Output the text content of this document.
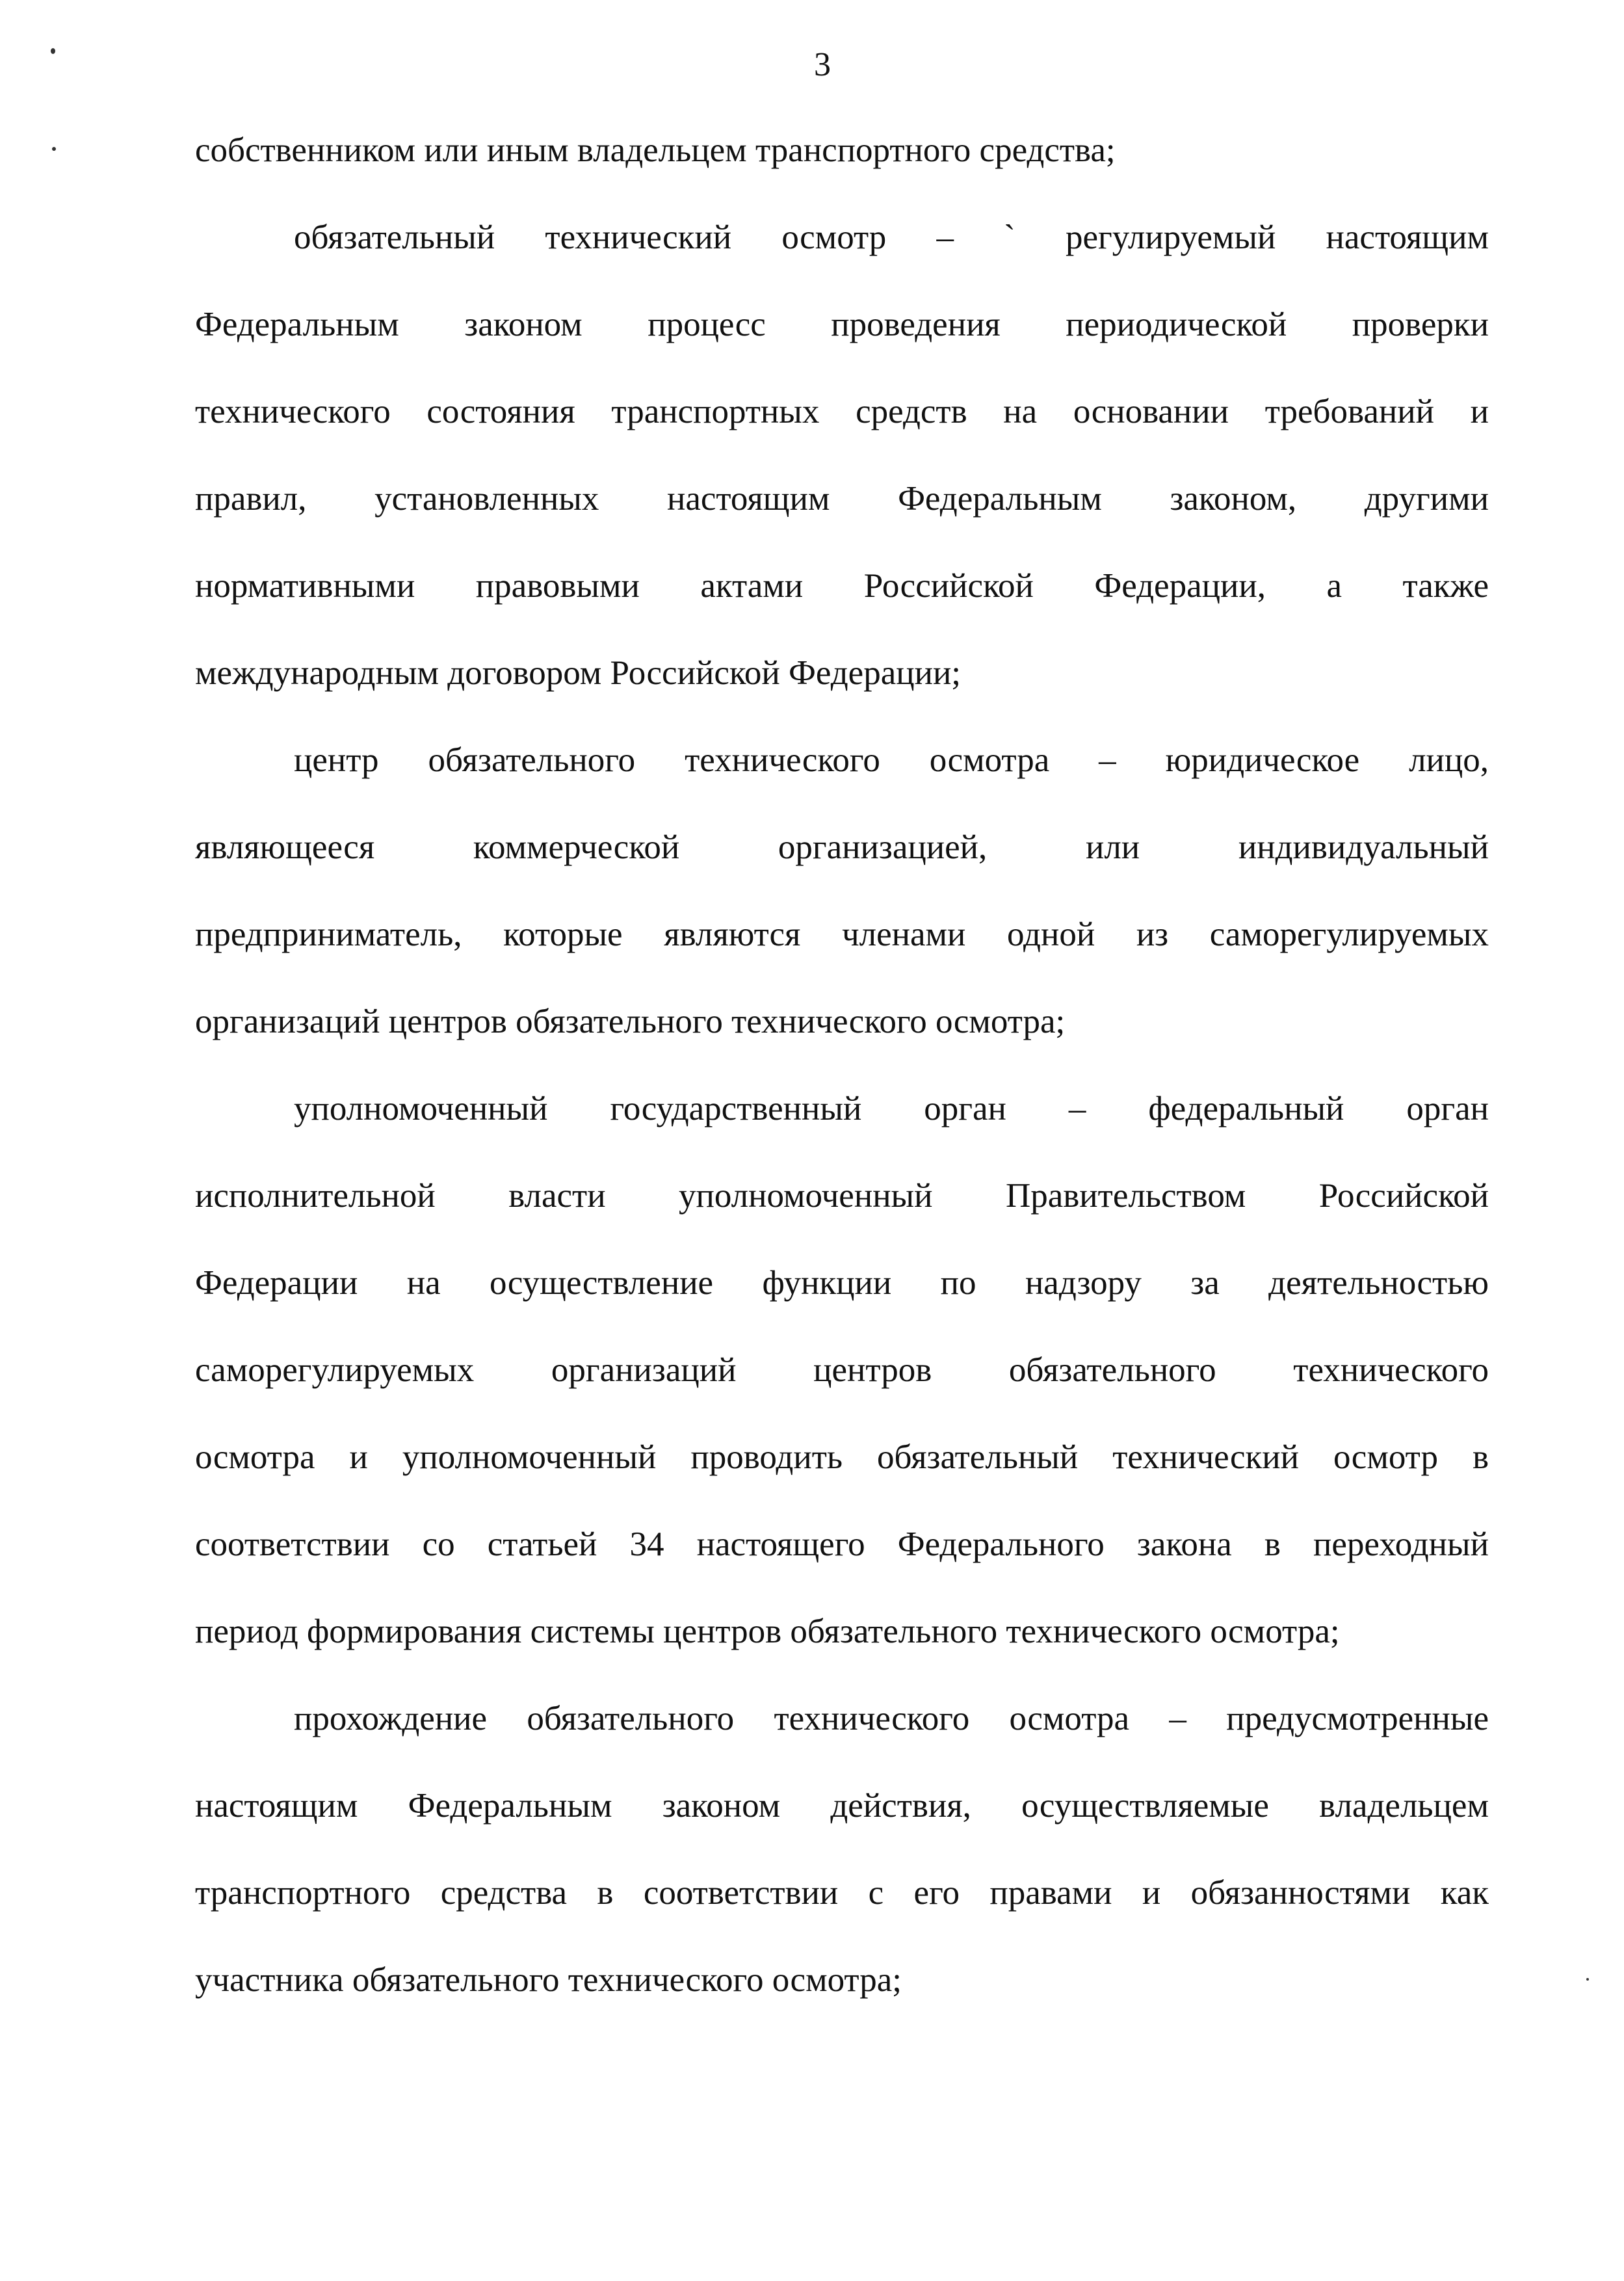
3
собственником или иным владельцем транспортного средства;
обязательный технический осмотр – ` регулируемый настоящим
Федеральным законом процесс проведения периодической проверки
технического состояния транспортных средств на основании требований и
правил, установленных настоящим Федеральным законом, другими
нормативными правовыми актами Российской Федерации, а также
международным договором Российской Федерации;
центр обязательного технического осмотра – юридическое лицо,
являющееся коммерческой организацией, или индивидуальный
предприниматель, которые являются членами одной из саморегулируемых
организаций центров обязательного технического осмотра;
уполномоченный государственный орган – федеральный орган
исполнительной власти уполномоченный Правительством Российской
Федерации на осуществление функции по надзору за деятельностью
саморегулируемых организаций центров обязательного технического
осмотра и уполномоченный проводить обязательный технический осмотр в
соответствии со статьей 34 настоящего Федерального закона в переходный
период формирования системы центров обязательного технического осмотра;
прохождение обязательного технического осмотра – предусмотренные
настоящим Федеральным законом действия, осуществляемые владельцем
транспортного средства в соответствии с его правами и обязанностями как
участника обязательного технического осмотра;
